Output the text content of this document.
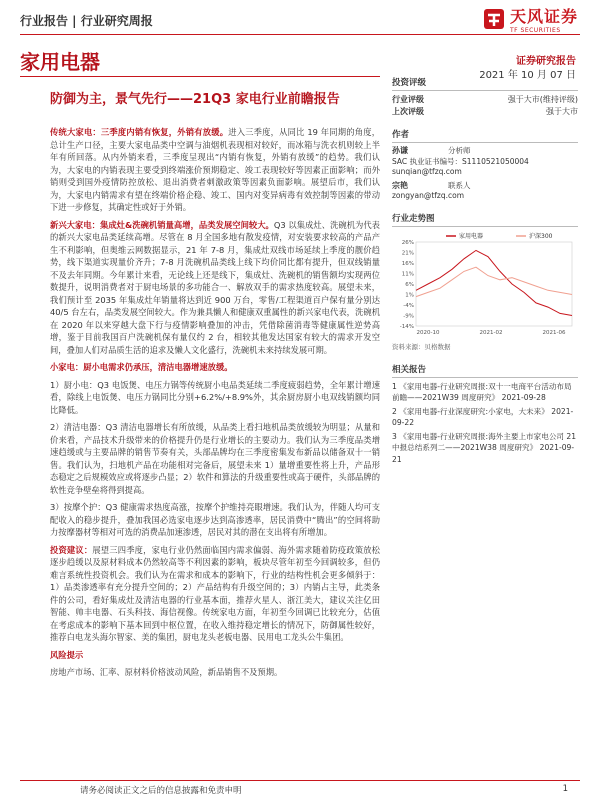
行业报告 | 行业研究周报	天风证券
TF SECURITIES
家用电器	证券研究报告
2021 年 10 月 07 日
防御为主，景气先行——21Q3 家电行业前瞻报告

传统大家电：三季度内销有恢复，外销有放缓。进入三季度，从同比 19 年同期的角度，总计生产口径，主要大家电品类中空调与油烟机表现相对较好，而冰箱与洗衣机则较上半年有所回落。从内外销来看，三季度呈现出“内销有恢复，外销有放缓”的趋势。我们认为，大家电的内销表现主要受到终端涨价预期稳定、竣工表现较好等因素正面影响；而外销则受到国外疫情防控放松、退出消费者刺激政策等因素负面影响。展望后市，我们认为，大家电内销需求有望在终端价格企稳、竣工、国内对变异病毒有效控制等因素的带动下进一步修复，其确定性或好于外销。

新兴大家电：集成灶&洗碗机销量高增，品类发展空间较大。Q3 以集成灶、洗碗机为代表的新兴大家电品类延续高增。尽管在 8 月全国多地有散发疫情，对安装要求较高的产品产生不利影响，但奥维云网数据显示，21 年 7-8 月，集成灶双线市场延续上季度的靓价趋势，线下渠道实现量价齐升；7-8 月洗碗机品类线上线下均价同比都有提升，但双线销量不及去年同期。今年累计来看，无论线上还是线下，集成灶、洗碗机的销售额均实现两位数提升，说明消费者对于厨电场景的多功能合一、解放双手的需求热度较高。展望未来，我们预计至 2035 年集成灶年销量将达到近 900 万台，零售/工程渠道百户保有量分别达 40/5 台左右，品类发展空间较大。作为兼具懒人和健康双重属性的新兴家电代表，洗碗机在 2020 年以来穿越大盘下行与疫情影响叠加的冲击，凭借除菌消毒等健康属性逆势高增，鉴于目前我国百户洗碗机保有量仅约 2 台，相较其他发达国家有较大的需求开发空间，叠加人们对品质生活的追求及懒人文化盛行，洗碗机未来持续发展可期。

小家电：厨小电需求仍承压，清洁电器增速放缓。

1）厨小电：Q3 电饭煲、电压力锅等传统厨小电品类延续二季度疲弱趋势，全年累计增速看，除线上电饭煲、电压力锅同比分别+6.2%/+8.9%外，其余厨房厨小电双线销额均同比降低。

2）清洁电器：Q3 清洁电器增长有所放缓，从品类上看扫地机品类放缓较为明显；从量和价来看，产品技术升级带来的价格提升仍是行业增长的主要动力。我们认为三季度品类增速趋缓或与主要品牌的销售节奏有关，头部品牌均在三季度密集发布新品以储备双十一销售。我们认为，扫地机产品在功能相对完备后，展望未来 1）量增重要性将上升，产品形态稳定之后规模效应或将逐步凸显；2）软件和算法的升级重要性或高于硬件，头部品牌的软性竞争壁垒将得到提高。

3）按摩个护：Q3 健康需求热度高涨，按摩个护维持亮眼增速。我们认为，伴随人均可支配收入的稳步提升，叠加我国必选家电逐步达到高渗透率，居民消费中“腾出”的空间将助力按摩器材等相对可选的消费品加速渗透，居民对其的潜在支出将有所增加。

投资建议：展望三四季度，家电行业仍然面临国内需求偏弱、海外需求随着防疫政策放松逐步趋缓以及原材料成本仍然较高等不利因素的影响，板块尽管年初至今回调较多，但仍难言系统性投资机会。我们认为在需求和成本的影响下，行业的结构性机会更多倾斜于：1）品类渗透率有充分提升空间的；2）产品结构有升级空间的；3）内销占主导，此类条件的公司，看好集成灶及清洁电器的行业基本面，推荐火星人、浙江美大，建议关注亿田智能、帅丰电器、石头科技、海信视像。传统家电方面，年初至今回调已比较充分，估值在考虑成本的影响下基本回到中枢位置，在收入维持稳定增长的情况下，防御属性较好，推荐白电龙头海尔智家、美的集团，厨电龙头老板电器、民用电工龙头公牛集团。

风险提示

房地产市场、汇率、原材料价格波动风险，新品销售不及预期。

投资评级
行业评级	强于大市(维持评级)
上次评级	强于大市
作者
孙谦	分析师
SAC 执业证书编号：S1110521050004
sunqian@tfzq.com
宗艳	联系人
zongyan@tfzq.com
行业走势图
26%
21%
16%
11%
6%
1%
-4%
-9%
-14%
2020-10	2021-02	2021-06
家用电器	沪深300
资料来源：贝格数据
相关报告
1 《家用电器-行业研究周报:双十一电商平台活动布局前瞻——2021W39 周度研究》 2021-09-28
2 《家用电器-行业深度研究:小家电，大未来》 2021-09-22
3 《家用电器-行业研究周报:海外主要上市家电公司 21 中报总结系列二——2021W38 周度研究》 2021-09-21
请务必阅读正文之后的信息披露和免责申明	1
